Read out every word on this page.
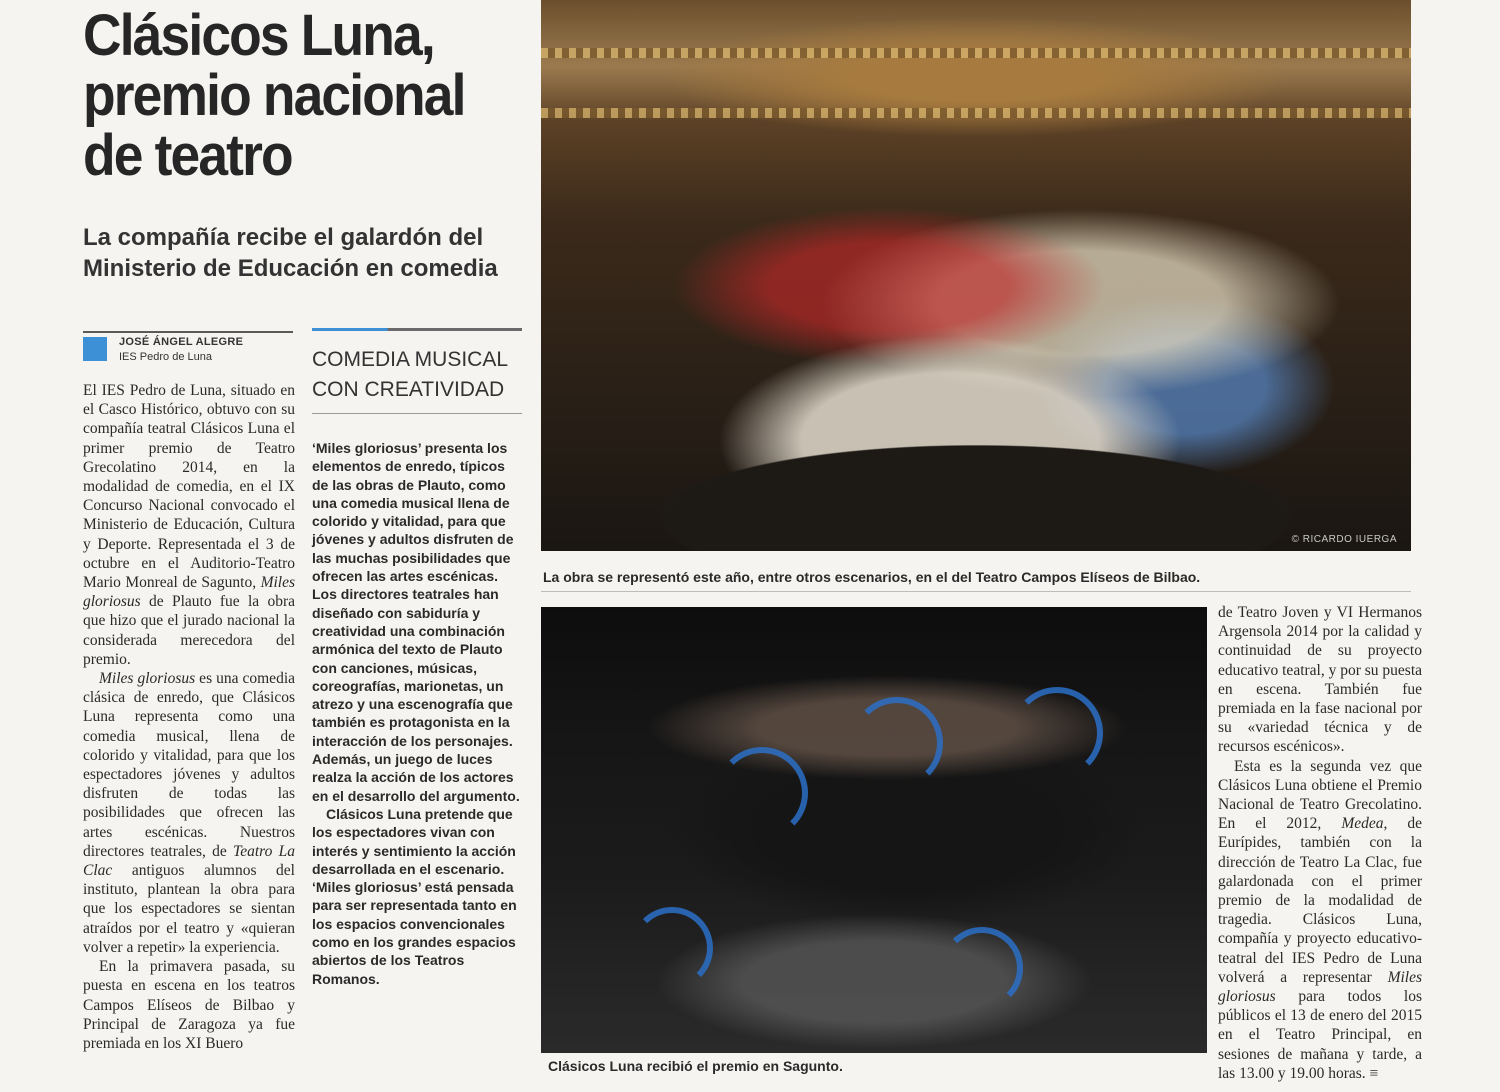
Clásicos Luna,
premio nacional
de teatro
La compañía recibe el galardón del
Ministerio de Educación en comedia
JOSÉ ÁNGEL ALEGRE
IES Pedro de Luna

El IES Pedro de Luna, situado en el Casco Histórico, obtuvo con su compañía teatral Clásicos Luna el primer premio de Teatro Grecolatino 2014, en la modalidad de comedia, en el IX Concurso Nacional convocado el Ministerio de Educación, Cultura y Deporte. Representada el 3 de octubre en el Auditorio-Teatro Mario Monreal de Sagunto, Miles gloriosus de Plauto fue la obra que hizo que el jurado nacional la considerada merecedora del premio.

Miles gloriosus es una comedia clásica de enredo, que Clásicos Luna representa como una comedia musical, llena de colorido y vitalidad, para que los espectadores jóvenes y adultos disfruten de todas las posibilidades que ofrecen las artes escénicas. Nuestros directores teatrales, de Teatro La Clac antiguos alumnos del instituto, plantean la obra para que los espectadores se sientan atraídos por el teatro y «quieran volver a repetir» la experiencia.

En la primavera pasada, su puesta en escena en los teatros Campos Elíseos de Bilbao y Principal de Zaragoza ya fue premiada en los XI Buero

COMEDIA MUSICAL
CON CREATIVIDAD

‘Miles gloriosus’ presenta los elementos de enredo, típicos de las obras de Plauto, como una comedia musical llena de colorido y vitalidad, para que jóvenes y adultos disfruten de las muchas posibilidades que ofrecen las artes escénicas. Los directores teatrales han diseñado con sabiduría y creatividad una combinación armónica del texto de Plauto con canciones, músicas, coreografías, marionetas, un atrezo y una escenografía que también es protagonista en la interacción de los personajes. Además, un juego de luces realza la acción de los actores en el desarrollo del argumento.

Clásicos Luna pretende que los espectadores vivan con interés y sentimiento la acción desarrollada en el escenario. ‘Miles gloriosus’ está pensada para ser representada tanto en los espacios convencionales como en los grandes espacios abiertos de los Teatros Romanos.

© RICARDO IUERGA
La obra se representó este año, entre otros escenarios, en el del Teatro Campos Elíseos de Bilbao.
Clásicos Luna recibió el premio en Sagunto.

de Teatro Joven y VI Hermanos Argensola 2014 por la calidad y continuidad de su proyecto educativo teatral, y por su puesta en escena. También fue premiada en la fase nacional por su «variedad técnica y de recursos escénicos».

Esta es la segunda vez que Clásicos Luna obtiene el Premio Nacional de Teatro Grecolatino. En el 2012, Medea, de Eurípides, también con la dirección de Teatro La Clac, fue galardonada con el primer premio de la modalidad de tragedia. Clásicos Luna, compañía y proyecto educativo-teatral del IES Pedro de Luna volverá a representar Miles gloriosus para todos los públicos el 13 de enero del 2015 en el Teatro Principal, en sesiones de mañana y tarde, a las 13.00 y 19.00 horas. ≡
